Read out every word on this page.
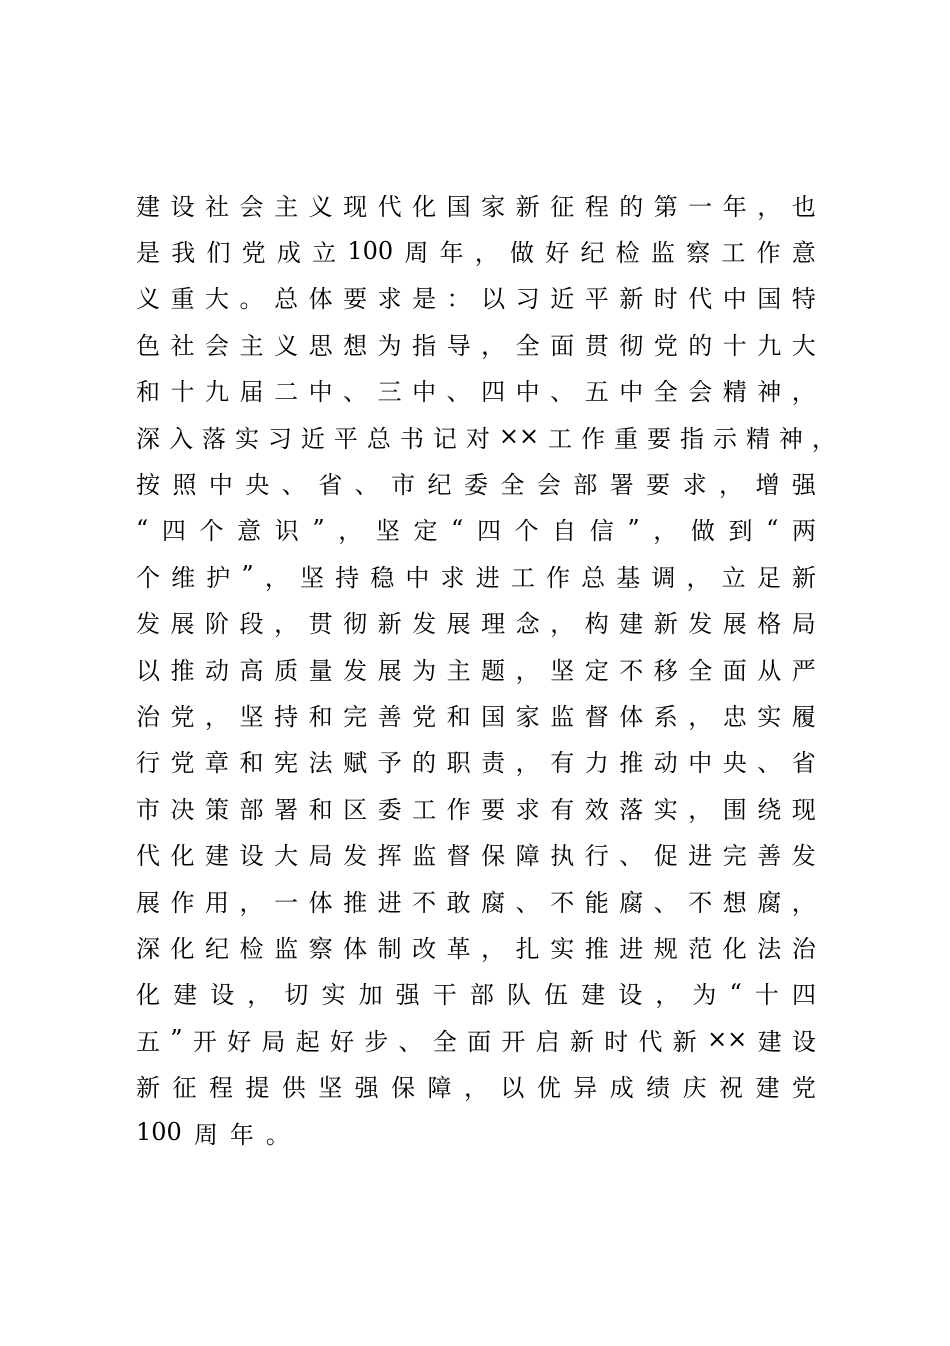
建 设 社 会 主 义 现 代 化 国 家 新 征 程 的 第 一 年 ， 也
是 我 们 党 成 立 100 周 年 ， 做 好 纪 检 监 察 工 作 意
义 重 大 。 总 体 要 求 是 ： 以 习 近 平 新 时 代 中 国 特
色 社 会 主 义 思 想 为 指 导 ， 全 面 贯 彻 党 的 十 九 大
和 十 九 届 二 中 、 三 中 、 四 中 、 五 中 全 会 精 神 ，
深 入 落 实 习 近 平 总 书 记 对 ×× 工 作 重 要 指 示 精 神 ，
按 照 中 央 、 省 、 市 纪 委 全 会 部 署 要 求 ， 增 强
“ 四 个 意 识 ” ， 坚 定 “ 四 个 自 信 ” ， 做 到 “ 两
个 维 护 ” ， 坚 持 稳 中 求 进 工 作 总 基 调 ， 立 足 新
发 展 阶 段 ， 贯 彻 新 发 展 理 念 ， 构 建 新 发 展 格 局
以 推 动 高 质 量 发 展 为 主 题 ， 坚 定 不 移 全 面 从 严
治 党 ， 坚 持 和 完 善 党 和 国 家 监 督 体 系 ， 忠 实 履
行 党 章 和 宪 法 赋 予 的 职 责 ， 有 力 推 动 中 央 、 省
市 决 策 部 署 和 区 委 工 作 要 求 有 效 落 实 ， 围 绕 现
代 化 建 设 大 局 发 挥 监 督 保 障 执 行 、 促 进 完 善 发
展 作 用 ， 一 体 推 进 不 敢 腐 、 不 能 腐 、 不 想 腐 ，
深 化 纪 检 监 察 体 制 改 革 ， 扎 实 推 进 规 范 化 法 治
化 建 设 ， 切 实 加 强 干 部 队 伍 建 设 ， 为 “ 十 四
五 ” 开 好 局 起 好 步 、 全 面 开 启 新 时 代 新 ×× 建 设
新 征 程 提 供 坚 强 保 障 ， 以 优 异 成 绩 庆 祝 建 党
100 周 年 。
